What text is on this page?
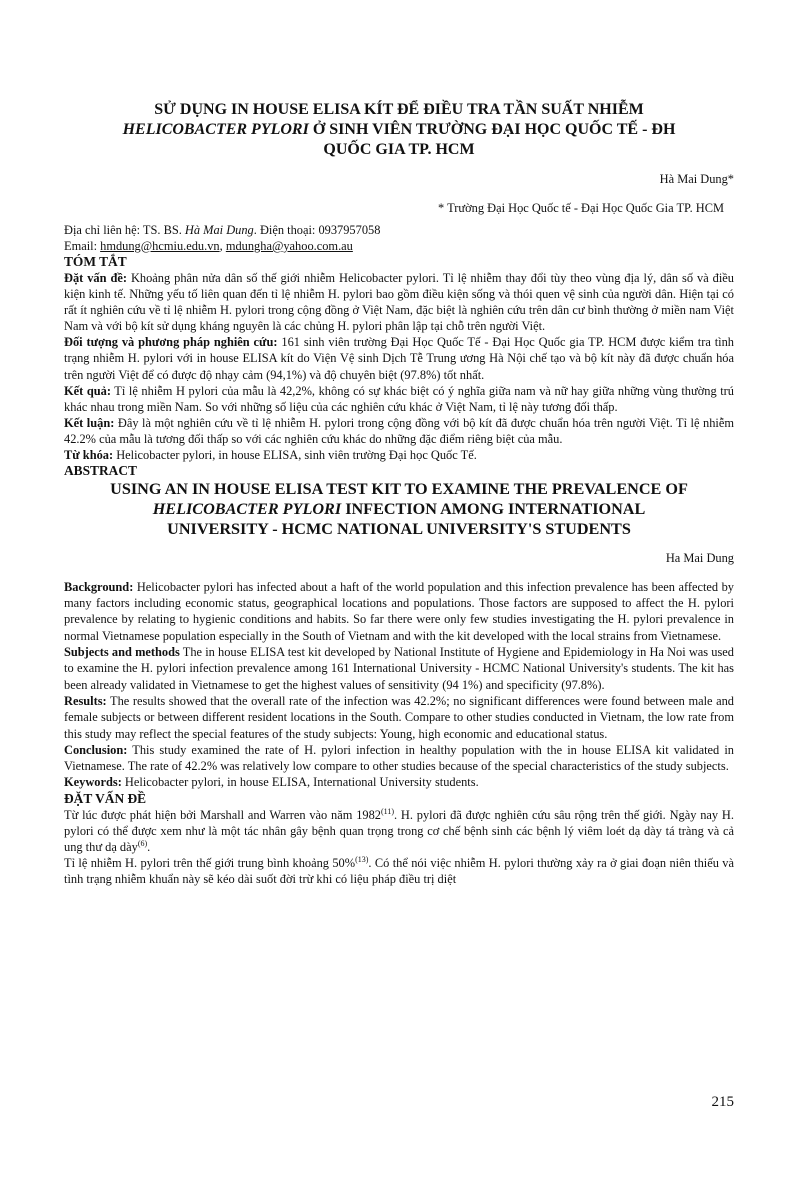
SỬ DỤNG IN HOUSE ELISA KÍT ĐỂ ĐIỀU TRA TẦN SUẤT NHIỄM

HELICOBACTER PYLORI Ở SINH VIÊN TRƯỜNG ĐẠI HỌC QUỐC TẾ - ĐH

QUỐC GIA TP. HCM

Hà Mai Dung*

* Trường Đại Học Quốc tế - Đại Học Quốc Gia TP. HCM

Địa chỉ liên hệ: TS. BS. Hà Mai Dung. Điện thoại: 0937957058

Email: hmdung@hcmiu.edu.vn, mdungha@yahoo.com.au

TÓM TẮT

Đặt vấn đề: Khoảng phân nửa dân số thế giới nhiễm Helicobacter pylori. Tỉ lệ nhiễm thay đổi tùy theo vùng địa lý, dân số và điều kiện kinh tế. Những yếu tố liên quan đến tỉ lệ nhiễm H. pylori bao gồm điều kiện sống và thói quen vệ sinh của người dân. Hiện tại có rất ít nghiên cứu về tỉ lệ nhiễm H. pylori trong cộng đồng ở Việt Nam, đặc biệt là nghiên cứu trên dân cư bình thường ở miền nam Việt Nam và với bộ kít sử dụng kháng nguyên là các chủng H. pylori phân lập tại chỗ trên người Việt.

Đối tượng và phương pháp nghiên cứu: 161 sinh viên trường Đại Học Quốc Tế - Đại Học Quốc gia TP. HCM được kiểm tra tình trạng nhiễm H. pylori với in house ELISA kít do Viện Vệ sinh Dịch Tễ Trung ương Hà Nội chế tạo và bộ kít này đã được chuẩn hóa trên người Việt để có được độ nhạy cảm (94,1%) và độ chuyên biệt (97.8%) tốt nhất.

Kết quả: Tỉ lệ nhiễm H pylori của mẫu là 42,2%, không có sự khác biệt có ý nghĩa giữa nam và nữ hay giữa những vùng thường trú khác nhau trong miền Nam. So với những số liệu của các nghiên cứu khác ở Việt Nam, tỉ lệ này tương đối thấp.

Kết luận: Đây là một nghiên cứu về tỉ lệ nhiễm H. pylori trong cộng đồng với bộ kít đã được chuẩn hóa trên người Việt. Tỉ lệ nhiễm 42.2% của mẫu là tương đối thấp so với các nghiên cứu khác do những đặc điểm riêng biệt của mẫu.

Từ khóa: Helicobacter pylori, in house ELISA, sinh viên trường Đại học Quốc Tế.

ABSTRACT

USING AN IN HOUSE ELISA TEST KIT TO EXAMINE THE PREVALENCE OF

HELICOBACTER PYLORI INFECTION AMONG INTERNATIONAL

UNIVERSITY - HCMC NATIONAL UNIVERSITY'S STUDENTS

Ha Mai Dung

Background: Helicobacter pylori has infected about a haft of the world population and this infection prevalence has been affected by many factors including economic status, geographical locations and populations. Those factors are supposed to affect the H. pylori prevalence by relating to hygienic conditions and habits. So far there were only few studies investigating the H. pylori prevalence in normal Vietnamese population especially in the South of Vietnam and with the kit developed with the local strains from Vietnamese.

Subjects and methods The in house ELISA test kit developed by National Institute of Hygiene and Epidemiology in Ha Noi was used to examine the H. pylori infection prevalence among 161 International University - HCMC National University's students. The kit has been already validated in Vietnamese to get the highest values of sensitivity (94 1%) and specificity (97.8%).

Results: The results showed that the overall rate of the infection was 42.2%; no significant differences were found between male and female subjects or between different resident locations in the South. Compare to other studies conducted in Vietnam, the low rate from this study may reflect the special features of the study subjects: Young, high economic and educational status.

Conclusion: This study examined the rate of H. pylori infection in healthy population with the in house ELISA kit validated in Vietnamese. The rate of 42.2% was relatively low compare to other studies because of the special characteristics of the study subjects.

Keywords: Helicobacter pylori, in house ELISA, International University students.

ĐẶT VẤN ĐỀ

Từ lúc được phát hiện bởi Marshall and Warren vào năm 1982$^{(11)}$. H. pylori đã được nghiên cứu sâu rộng trên thế giới. Ngày nay H. pylori có thể được xem như là một tác nhân gây bệnh quan trọng trong cơ chế bệnh sinh các bệnh lý viêm loét dạ dày tá tràng và cả ung thư dạ dày$^{(6)}$.

Tỉ lệ nhiễm H. pylori trên thế giới trung bình khoảng 50%$^{(13)}$. Có thể nói việc nhiễm H. pylori thường xảy ra ở giai đoạn niên thiếu và tình trạng nhiễm khuẩn này sẽ kéo dài suốt đời trừ khi có liệu pháp điều trị diệt

215
